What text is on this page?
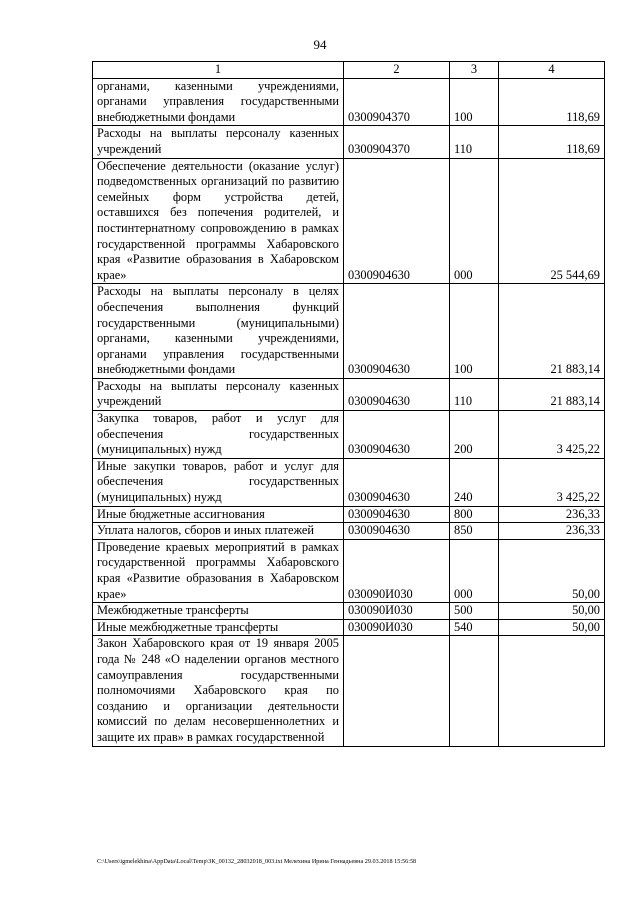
94
1	2	3	4
органами, казенными учреждениями, органами управления государственными внебюджетными фондами	0300904370	100	118,69
Расходы на выплаты персоналу казенных учреждений	0300904370	110	118,69
Обеспечение деятельности (оказание услуг) подведомственных организаций по развитию семейных форм устройства детей, оставшихся без попечения родителей, и постинтернатному сопровождению в рамках государственной программы Хабаровского края «Развитие образования в Хабаровском крае»	0300904630	000	25 544,69
Расходы на выплаты персоналу в целях обеспечения выполнения функций государственными (муниципальными) органами, казенными учреждениями, органами управления государственными внебюджетными фондами	0300904630	100	21 883,14
Расходы на выплаты персоналу казенных учреждений	0300904630	110	21 883,14
Закупка товаров, работ и услуг для обеспечения государственных (муниципальных) нужд	0300904630	200	3 425,22
Иные закупки товаров, работ и услуг для обеспечения государственных (муниципальных) нужд	0300904630	240	3 425,22
Иные бюджетные ассигнования	0300904630	800	236,33
Уплата налогов, сборов и иных платежей	0300904630	850	236,33
Проведение краевых мероприятий в рамках государственной программы Хабаровского края «Развитие образования в Хабаровском крае»	030090И030	000	50,00
Межбюджетные трансферты	030090И030	500	50,00
Иные межбюджетные трансферты	030090И030	540	50,00
Закон Хабаровского края от 19 января 2005 года № 248 «О наделении органов местного самоуправления государственными полномочиями Хабаровского края по созданию и организации деятельности комиссий по делам несовершеннолетних и защите их прав» в рамках государственной			
C:\Users\igmelekhina\AppData\Local\Temp\ЗК_00132_28032018_003.txt Мелехина Ирина Геннадьевна 29.03.2018 15:56:58
